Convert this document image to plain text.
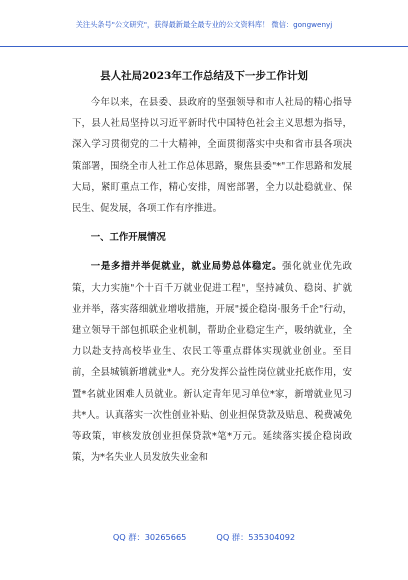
关注头条号"公文研究"，获得最新最全最专业的公文资料库！ 微信：gongwenyj
县人社局2023年工作总结及下一步工作计划

今年以来，在县委、县政府的坚强领导和市人社局的精心指导下，县人社局坚持以习近平新时代中国特色社会主义思想为指导，深入学习贯彻党的二十大精神，全面贯彻落实中央和省市县各项决策部署，围绕全市人社工作总体思路，聚焦县委"*"工作思路和发展大局，紧盯重点工作，精心安排，周密部署，全力以赴稳就业、保民生、促发展，各项工作有序推进。

一、工作开展情况

一是多措并举促就业，就业局势总体稳定。强化就业优先政策，大力实施"个十百千万就业促进工程"，坚持减负、稳岗、扩就业并举，落实落细就业增收措施，开展"援企稳岗·服务千企"行动，建立领导干部包抓联企业机制，帮助企业稳定生产，吸纳就业，全力以赴支持高校毕业生、农民工等重点群体实现就业创业。至目前，全县城镇新增就业*人。充分发挥公益性岗位就业托底作用，安置*名就业困难人员就业。新认定青年见习单位*家，新增就业见习共*人。认真落实一次性创业补贴、创业担保贷款及贴息、税费减免等政策，审核发放创业担保贷款*笔*万元。延续落实援企稳岗政策，为*名失业人员发放失业金和

QQ 群：30265665	QQ 群：535304092
